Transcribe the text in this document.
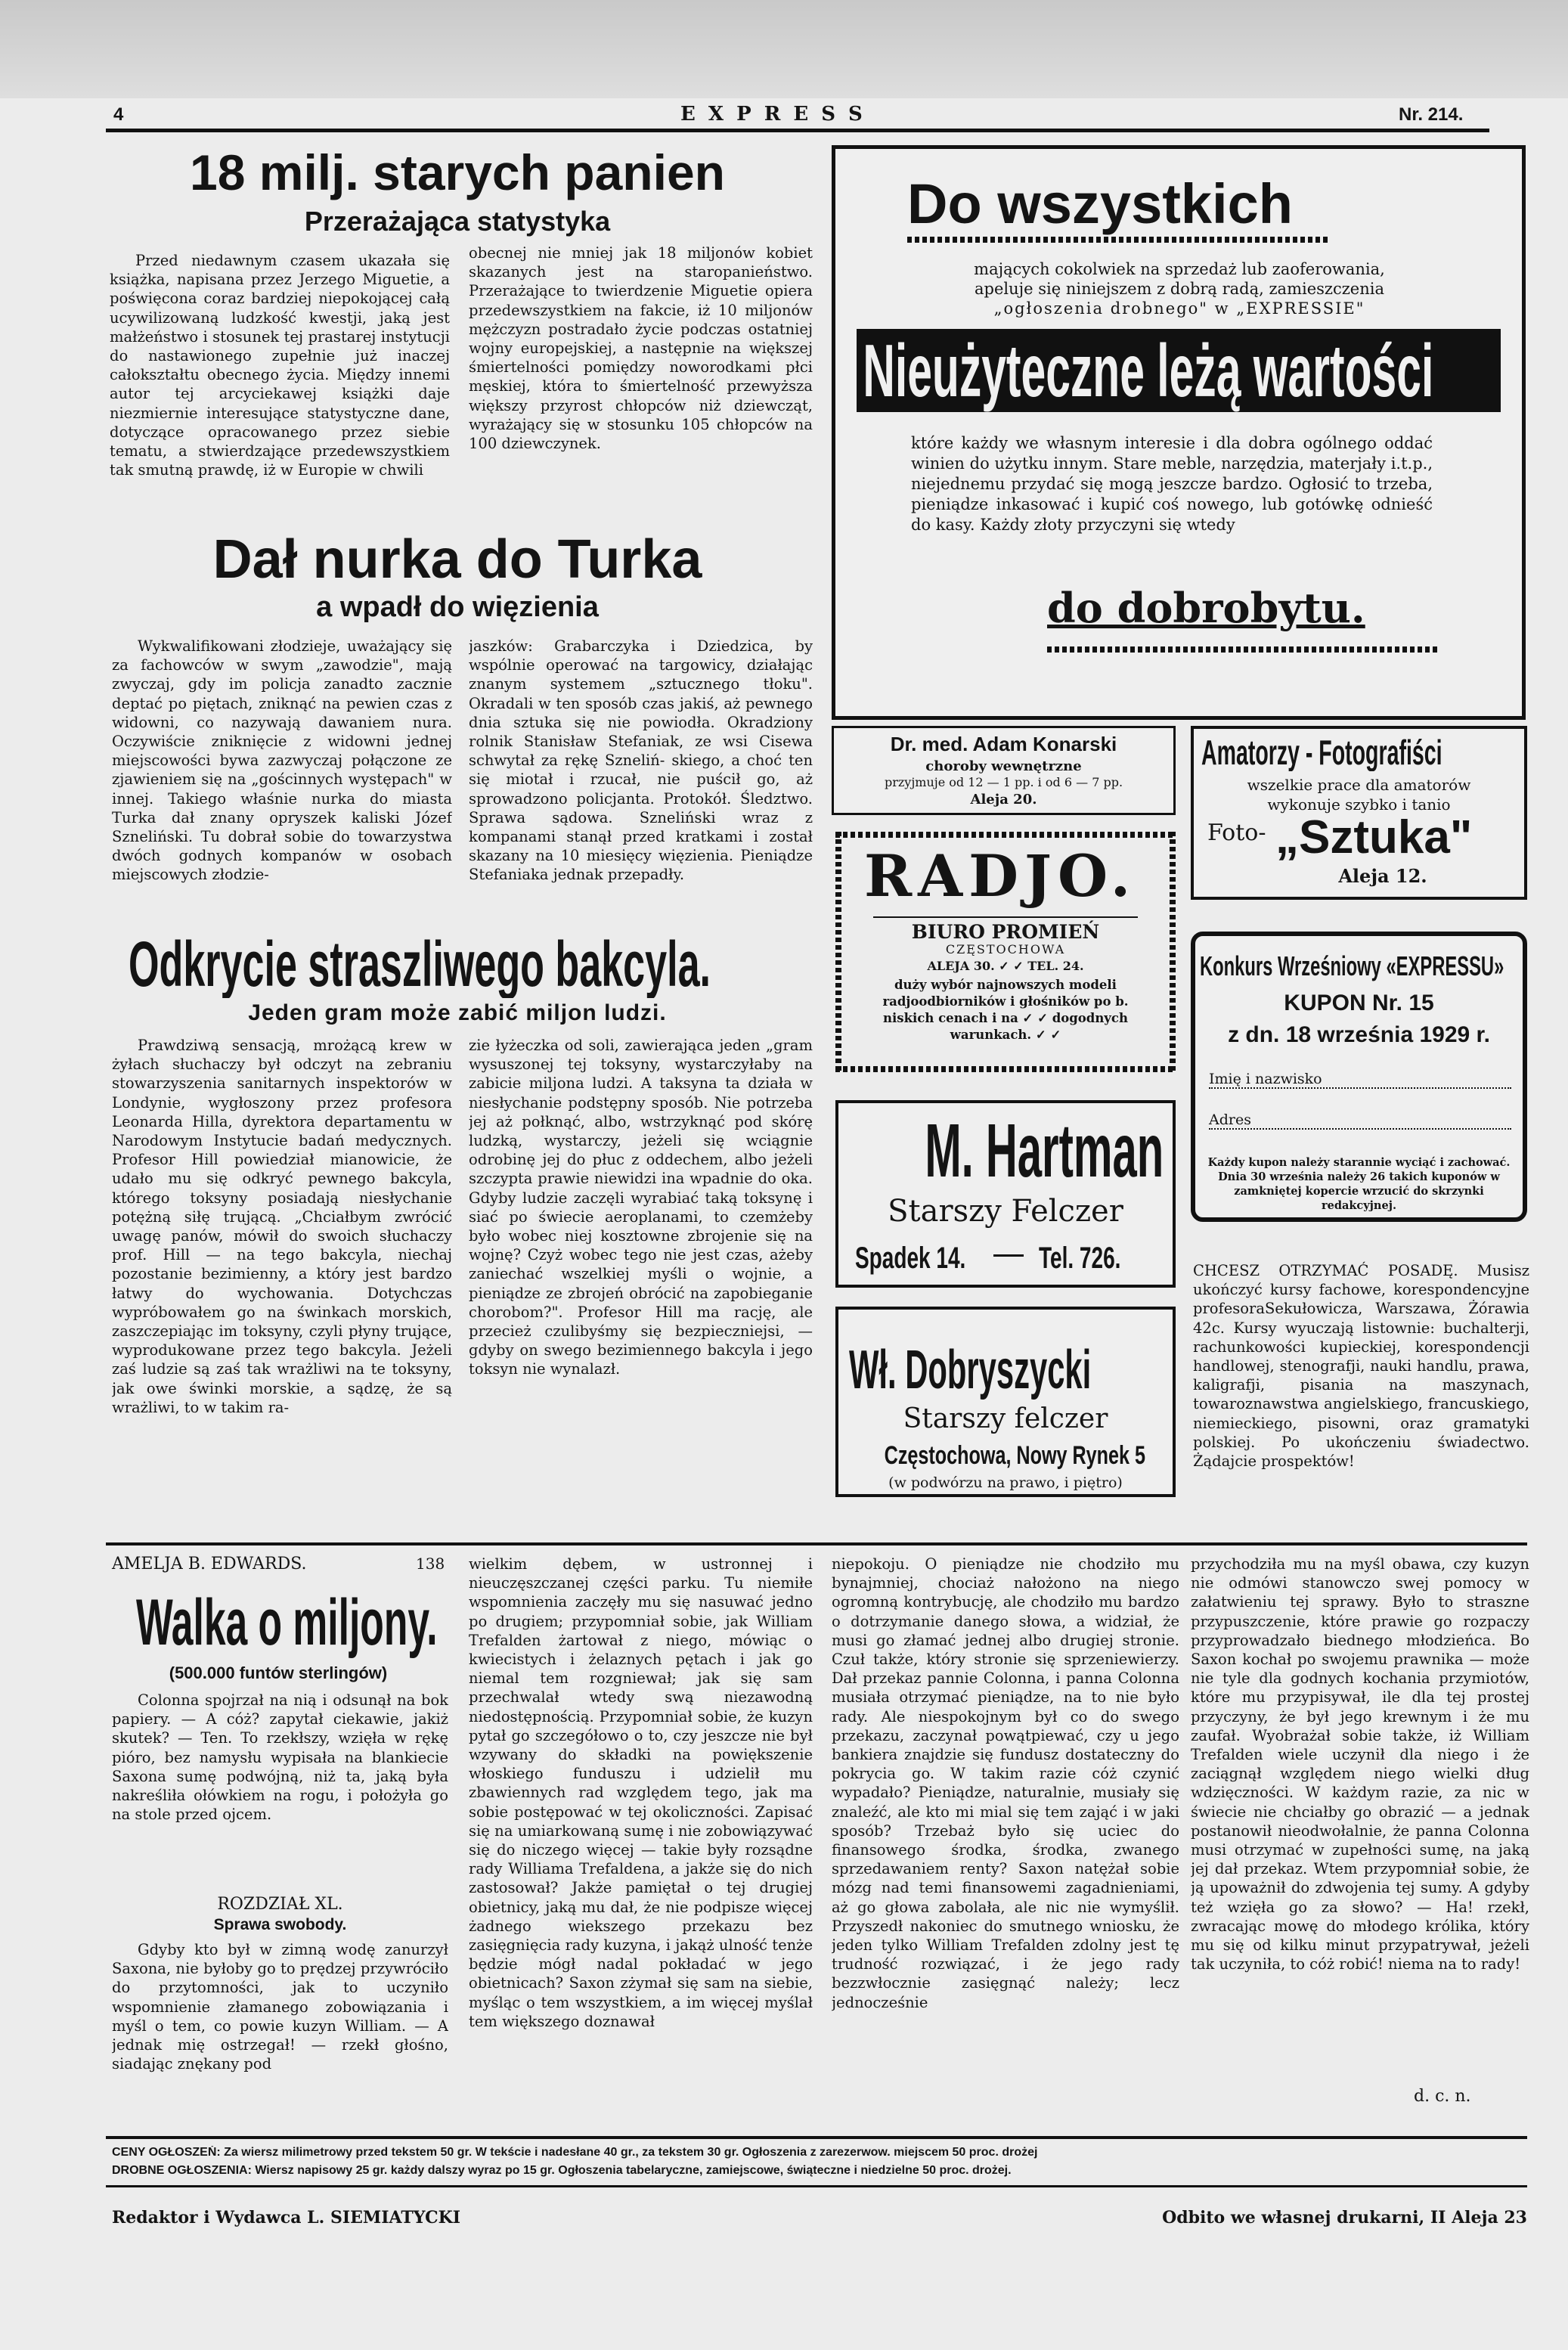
4	E X P R E S S	Nr. 214.
18 milj. starych panien
Przerażająca statystyka

Przed niedawnym czasem ukazała się książka, napisana przez Jerzego Miguetie, a poświęcona coraz bardziej niepokojącej całą ucywilizowaną ludzkość kwestji, jaką jest małżeństwo i stosunek tej prastarej instytucji do nastawionego zupełnie już inaczej całokształtu obecnego życia. Między innemi autor tej arcyciekawej książki daje niezmiernie interesujące statystyczne dane, dotyczące opracowanego przez siebie tematu, a stwierdzające przedewszystkiem tak smutną prawdę, iż w Europie w chwili

obecnej nie mniej jak 18 miljonów kobiet skazanych jest na staropanieństwo. Przerażające to twierdzenie Miguetie opiera przedewszystkiem na fakcie, iż 10 miljonów mężczyzn postradało życie podczas ostatniej wojny europejskiej, a następnie na większej śmiertelności pomiędzy noworodkami płci męskiej, która to śmiertelność przewyższa większy przyrost chłopców niż dziewcząt, wyrażający się w stosunku 105 chłopców na 100 dziewczynek.

Dał nurka do Turka
a wpadł do więzienia

Wykwalifikowani złodzieje, uważający się za fachowców w swym „zawodzie", mają zwyczaj, gdy im policja zanadto zacznie deptać po piętach, zniknąć na pewien czas z widowni, co nazywają dawaniem nura. Oczywiście zniknięcie z widowni jednej miejscowości bywa zazwyczaj połączone ze zjawieniem się na „gościnnych występach" w innej. Takiego właśnie nurka do miasta Turka dał znany opryszek kaliski Józef Szneliński. Tu dobrał sobie do towarzystwa dwóch godnych kompanów w osobach miejscowych złodzie-

jaszków: Grabarczyka i Dziedzica, by wspólnie operować na targowicy, działając znanym systemem „sztucznego tłoku". Okradali w ten sposób czas jakiś, aż pewnego dnia sztuka się nie powiodła. Okradziony rolnik Stanisław Stefaniak, ze wsi Cisewa schwytał za rękę Szneliń- skiego, a choć ten się miotał i rzucał, nie puścił go, aż sprowadzono policjanta. Protokół. Śledztwo. Sprawa sądowa. Szneliński wraz z kompanami stanął przed kratkami i został skazany na 10 miesięcy więzienia. Pieniądze Stefaniaka jednak przepadły.

Odkrycie straszliwego bakcyla.
Jeden gram może zabić miljon ludzi.

Prawdziwą sensacją, mrożącą krew w żyłach słuchaczy był odczyt na zebraniu stowarzyszenia sanitarnych inspektorów w Londynie, wygłoszony przez profesora Leonarda Hilla, dyrektora departamentu w Narodowym Instytucie badań medycznych. Profesor Hill powiedział mianowicie, że udało mu się odkryć pewnego bakcyla, którego toksyny posiadają niesłychanie potężną siłę trującą. „Chciałbym zwrócić uwagę panów, mówił do swoich słuchaczy prof. Hill — na tego bakcyla, niechaj pozostanie bezimienny, a który jest bardzo łatwy do wychowania. Dotychczas wypróbowałem go na świnkach morskich, zaszczepiając im toksyny, czyli płyny trujące, wyprodukowane przez tego bakcyla. Jeżeli zaś ludzie są zaś tak wrażliwi na te toksyny, jak owe świnki morskie, a sądzę, że są wrażliwi, to w takim ra-

zie łyżeczka od soli, zawierająca jeden „gram wysuszonej tej toksyny, wystarczyłaby na zabicie miljona ludzi. A taksyna ta działa w niesłychanie podstępny sposób. Nie potrzeba jej aż połknąć, albo, wstrzyknąć pod skórę ludzką, wystarczy, jeżeli się wciągnie odrobinę jej do płuc z oddechem, albo jeżeli szczypta prawie niewidzi ina wpadnie do oka. Gdyby ludzie zaczęli wyrabiać taką toksynę i siać po świecie aeroplanami, to czemżeby było wobec niej kosztowne zbrojenie się na wojnę? Czyż wobec tego nie jest czas, ażeby zaniechać wszelkiej myśli o wojnie, a pieniądze ze zbrojeń obrócić na zapobieganie chorobom?". Profesor Hill ma rację, ale przecież czulibyśmy się bezpieczniejsi, — gdyby on swego bezimiennego bakcyla i jego toksyn nie wynalazł.

Do wszystkich
mających cokolwiek na sprzedaż lub zaoferowania,
apeluje się niniejszem z dobrą radą, zamieszczenia
„ogłoszenia drobnego" w „EXPRESSIE"
Nieużyteczne leżą wartości
które każdy we własnym interesie i dla dobra ogólnego oddać winien do użytku innym. Stare meble, narzędzia, materjały i.t.p., niejednemu przydać się mogą jeszcze bardzo. Ogłosić to trzeba, pieniądze inkasować i kupić coś nowego, lub gotówkę odnieść do kasy. Każdy złoty przyczyni się wtedy
do dobrobytu.
Dr. med. Adam Konarski
choroby wewnętrzne
przyjmuje od 12 — 1 pp. i od 6 — 7 pp.
Aleja 20.
Amatorzy - Fotografiści
wszelkie prace dla amatorów
wykonuje szybko i tanio
Foto- „Sztuka"
Aleja 12.
RADJO.
BIURO PROMIEŃ
CZĘSTOCHOWA
ALEJA 30. ✓ ✓ TEL. 24.
duży wybór najnowszych modeli radjoodbiorników i głośników po b. niskich cenach i na ✓ ✓ dogodnych warunkach. ✓ ✓
Konkurs Wrześniowy «EXPRESSU»
KUPON Nr. 15
z dn. 18 września 1929 r.
Imię i nazwisko
Adres
Każdy kupon należy starannie wyciąć i zachować. Dnia 30 września należy 26 takich kuponów w zamkniętej kopercie wrzucić do skrzynki redakcyjnej.
M. Hartman
Starszy Felczer
Spadek 14.	Tel. 726.	CHCESZ OTRZYMAĆ POSADĘ. Musisz ukończyć kursy fachowe, korespondencyjne profesoraSekułowicza, Warszawa, Żórawia 42c. Kursy wyuczają listownie: buchalterji, rachunkowości kupieckiej, korespondencji handlowej, stenografji, nauki handlu, prawa, kaligrafji, pisania na maszynach, towaroznawstwa angielskiego, francuskiego, niemieckiego, pisowni, oraz gramatyki polskiej. Po ukończeniu świadectwo. Żądajcie prospektów!
Wł. Dobryszycki
Starszy felczer
Częstochowa, Nowy Rynek 5
(w podwórzu na prawo, i piętro)
AMELJA B. EDWARDS.	138
Walka o miljony.
(500.000 funtów sterlingów)

Colonna spojrzał na nią i odsunął na bok papiery. — A cóż? zapytał ciekawie, jakiż skutek? — Ten. To rzekłszy, wzięła w rękę pióro, bez namysłu wypisała na blankiecie Saxona sumę podwójną, niż ta, jaką była nakreśliła ołówkiem na rogu, i położyła go na stole przed ojcem.

ROZDZIAŁ XL.
Sprawa swobody.

Gdyby kto był w zimną wodę zanurzył Saxona, nie byłoby go to prędzej przywróciło do przytomności, jak to uczyniło wspomnienie złamanego zobowiązania i myśl o tem, co powie kuzyn William. — A jednak mię ostrzegał! — rzekł głośno, siadając znękany pod

wielkim dębem, w ustronnej i nieuczęszczanej części parku. Tu niemiłe wspomnienia zaczęły mu się nasuwać jedno po drugiem; przypomniał sobie, jak William Trefalden żartował z niego, mówiąc o kwiecistych i żelaznych pętach i jak go niemal tem rozgniewał; jak się sam przechwalał wtedy swą niezawodną niedostępnością. Przypomniał sobie, że kuzyn pytał go szczegółowo o to, czy jeszcze nie był wzywany do składki na powiększenie włoskiego funduszu i udzielił mu zbawiennych rad względem tego, jak ma sobie postępować w tej okoliczności. Zapisać się na umiarkowaną sumę i nie zobowiązywać się do niczego więcej — takie były rozsądne rady Williama Trefaldena, a jakże się do nich zastosował? Jakże pamiętał o tej drugiej obietnicy, jaką mu dał, że nie podpisze więcej żadnego wiekszego przekazu bez zasięgnięcia rady kuzyna, i jakąż ulność tenże będzie mógł nadal pokładać w jego obietnicach? Saxon zżymał się sam na siebie, myśląc o tem wszystkiem, a im więcej myślał tem większego doznawał

niepokoju. O pieniądze nie chodziło mu bynajmniej, chociaż nałożono na niego ogromną kontrybucję, ale chodziło mu bardzo o dotrzymanie danego słowa, a widział, że musi go złamać jednej albo drugiej stronie. Czuł także, który stronie się sprzeniewierzy. Dał przekaz pannie Colonna, i panna Colonna musiała otrzymać pieniądze, na to nie było rady. Ale niespokojnym był co do swego przekazu, zaczynał powątpiewać, czy u jego bankiera znajdzie się fundusz dostateczny do pokrycia go. W takim razie cóż czynić wypadało? Pieniądze, naturalnie, musiały się znaleźć, ale kto mi mial się tem zająć i w jaki sposób? Trzebaż było się uciec do finansowego środka, środka, zwanego sprzedawaniem renty? Saxon natężał sobie mózg nad temi finansowemi zagadnieniami, aż go głowa zabolała, ale nic nie wymyślił. Przyszedł nakoniec do smutnego wniosku, że jeden tylko William Trefalden zdolny jest tę trudność rozwiązać, i że jego rady bezzwłocznie zasięgnąć należy; lecz jednocześnie

przychodziła mu na myśl obawa, czy kuzyn nie odmówi stanowczo swej pomocy w załatwieniu tej sprawy. Było to straszne przypuszczenie, które prawie go rozpaczy przyprowadzało biednego młodzieńca. Bo Saxon kochał po swojemu prawnika — może nie tyle dla godnych kochania przymiotów, które mu przypisywał, ile dla tej prostej przyczyny, że był jego krewnym i że mu zaufał. Wyobrażał sobie także, iż William Trefalden wiele uczynił dla niego i że zaciągnął względem niego wielki dług wdzięczności. W każdym razie, za nic w świecie nie chciałby go obrazić — a jednak postanowił nieodwołalnie, że panna Colonna musi otrzymać w zupełności sumę, na jaką jej dał przekaz. Wtem przypomniał sobie, że ją upoważnił do zdwojenia tej sumy. A gdyby też wzięła go za słowo? — Ha! rzekł, zwracając mowę do młodego królika, który mu się od kilku minut przypatrywał, jeżeli tak uczyniła, to cóż robić! niema na to rady!

d. c. n.
CENY OGŁOSZEŃ: Za wiersz milimetrowy przed tekstem 50 gr. W tekście i nadesłane 40 gr., za tekstem 30 gr. Ogłoszenia z zarezerwow. miejscem 50 proc. drożej
DROBNE OGŁOSZENIA: Wiersz napisowy 25 gr. każdy dalszy wyraz po 15 gr. Ogłoszenia tabelaryczne, zamiejscowe, świąteczne i niedzielne 50 proc. drożej.
Redaktor i Wydawca L. SIEMIATYCKI	Odbito we własnej drukarni, II Aleja 23
